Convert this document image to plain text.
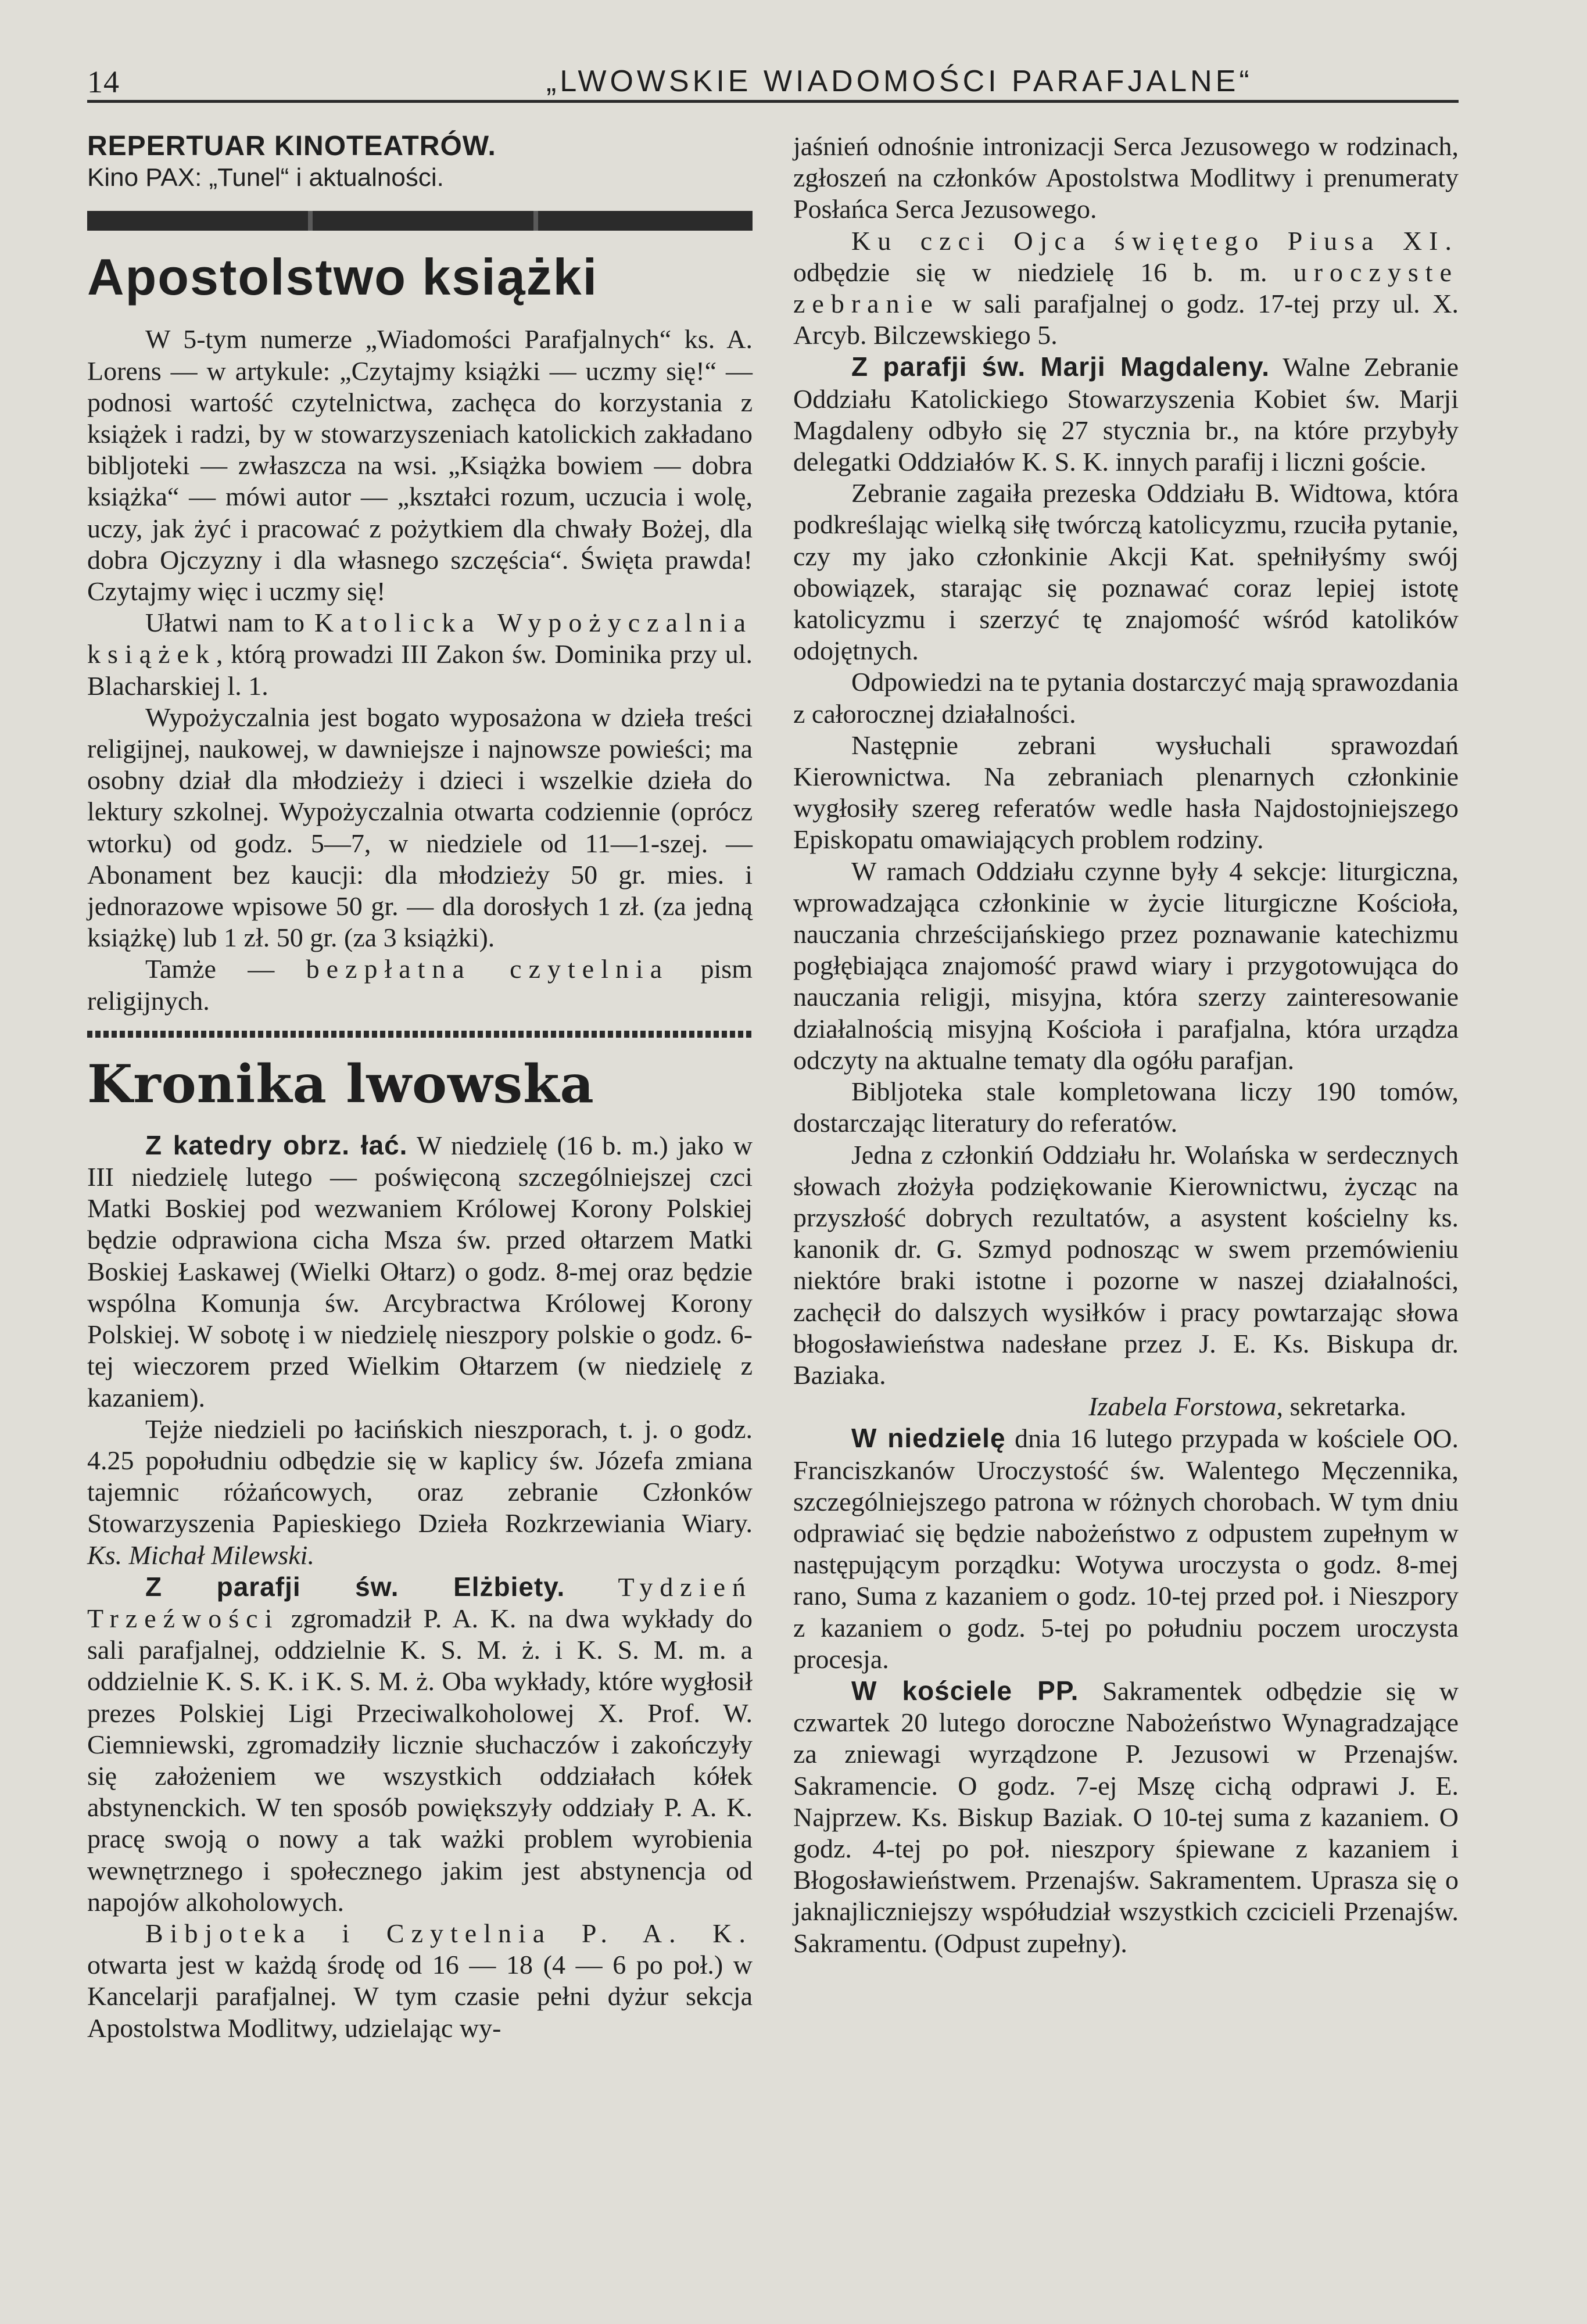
14	„LWOWSKIE WIADOMOŚCI PARAFJALNE“

REPERTUAR KINOTEATRÓW.

Kino PAX: „Tunel“ i aktualności.

Apostolstwo książki

W 5-tym numerze „Wiadomości Parafjalnych“ ks. A. Lorens — w artykule: „Czytajmy książki — uczmy się!“ — podnosi wartość czytelnictwa, zachęca do korzystania z książek i radzi, by w stowarzyszeniach katolickich zakładano bibljoteki — zwłaszcza na wsi. „Książka bowiem — dobra książka“ — mówi autor — „kształci rozum, uczucia i wolę, uczy, jak żyć i pracować z pożytkiem dla chwały Bożej, dla dobra Ojczyzny i dla własnego szczęścia“. Święta prawda! Czytajmy więc i uczmy się!

Ułatwi nam to Katolicka Wypożyczalnia książek, którą prowadzi III Zakon św. Dominika przy ul. Blacharskiej l. 1.

Wypożyczalnia jest bogato wyposażona w dzieła treści religijnej, naukowej, w dawniejsze i najnowsze powieści; ma osobny dział dla młodzieży i dzieci i wszelkie dzieła do lektury szkolnej. Wypożyczalnia otwarta codziennie (oprócz wtorku) od godz. 5—7, w niedziele od 11—1-szej. — Abonament bez kaucji: dla młodzieży 50 gr. mies. i jednorazowe wpisowe 50 gr. — dla dorosłych 1 zł. (za jedną książkę) lub 1 zł. 50 gr. (za 3 książki).

Tamże — bezpłatna czytelnia pism religijnych.

Kronika lwowska

Z katedry obrz. łać. W niedzielę (16 b. m.) jako w III niedzielę lutego — poświęconą szczególniejszej czci Matki Boskiej pod wezwaniem Królowej Korony Polskiej będzie odprawiona cicha Msza św. przed ołtarzem Matki Boskiej Łaskawej (Wielki Ołtarz) o godz. 8-mej oraz będzie wspólna Komunja św. Arcybractwa Królowej Korony Polskiej. W sobotę i w niedzielę nieszpory polskie o godz. 6-tej wieczorem przed Wielkim Ołtarzem (w niedzielę z kazaniem).

Tejże niedzieli po łacińskich nieszporach, t. j. o godz. 4.25 popołudniu odbędzie się w kaplicy św. Józefa zmiana tajemnic różańcowych, oraz zebranie Członków Stowarzyszenia Papieskiego Dzieła Rozkrzewiania Wiary. Ks. Michał Milewski.

Z parafji św. Elżbiety. Tydzień Trzeźwości zgromadził P. A. K. na dwa wykłady do sali parafjalnej, oddzielnie K. S. M. ż. i K. S. M. m. a oddzielnie K. S. K. i K. S. M. ż. Oba wykłady, które wygłosił prezes Polskiej Ligi Przeciwalkoholowej X. Prof. W. Ciemniewski, zgromadziły licznie słuchaczów i zakończyły się założeniem we wszystkich oddziałach kółek abstynenckich. W ten sposób powiększyły oddziały P. A. K. pracę swoją o nowy a tak ważki problem wyrobienia wewnętrznego i społecznego jakim jest abstynencja od napojów alkoholowych.

Bibjoteka i Czytelnia P. A. K. otwarta jest w każdą środę od 16 — 18 (4 — 6 po poł.) w Kancelarji parafjalnej. W tym czasie pełni dyżur sekcja Apostolstwa Modlitwy, udzielając wy-

jaśnień odnośnie intronizacji Serca Jezusowego w rodzinach, zgłoszeń na członków Apostolstwa Modlitwy i prenumeraty Posłańca Serca Jezusowego.

Ku czci Ojca świętego Piusa XI. odbędzie się w niedzielę 16 b. m. uroczyste zebranie w sali parafjalnej o godz. 17-tej przy ul. X. Arcyb. Bilczewskiego 5.

Z parafji św. Marji Magdaleny. Walne Zebranie Oddziału Katolickiego Stowarzyszenia Kobiet św. Marji Magdaleny odbyło się 27 stycznia br., na które przybyły delegatki Oddziałów K. S. K. innych parafij i liczni goście.

Zebranie zagaiła prezeska Oddziału B. Widtowa, która podkreślając wielką siłę twórczą katolicyzmu, rzuciła pytanie, czy my jako członkinie Akcji Kat. spełniłyśmy swój obowiązek, starając się poznawać coraz lepiej istotę katolicyzmu i szerzyć tę znajomość wśród katolików odojętnych.

Odpowiedzi na te pytania dostarczyć mają sprawozdania z całorocznej działalności.

Następnie zebrani wysłuchali sprawozdań Kierownictwa. Na zebraniach plenarnych członkinie wygłosiły szereg referatów wedle hasła Najdostojniejszego Episkopatu omawiających problem rodziny.

W ramach Oddziału czynne były 4 sekcje: liturgiczna, wprowadzająca członkinie w życie liturgiczne Kościoła, nauczania chrześcijańskiego przez poznawanie katechizmu pogłębiająca znajomość prawd wiary i przygotowująca do nauczania religji, misyjna, która szerzy zainteresowanie działalnością misyjną Kościoła i parafjalna, która urządza odczyty na aktualne tematy dla ogółu parafjan.

Bibljoteka stale kompletowana liczy 190 tomów, dostarczając literatury do referatów.

Jedna z członkiń Oddziału hr. Wolańska w serdecznych słowach złożyła podziękowanie Kierownictwu, życząc na przyszłość dobrych rezultatów, a asystent kościelny ks. kanonik dr. G. Szmyd podnosząc w swem przemówieniu niektóre braki istotne i pozorne w naszej działalności, zachęcił do dalszych wysiłków i pracy powtarzając słowa błogosławieństwa nadesłane przez J. E. Ks. Biskupa dr. Baziaka.

Izabela Forstowa, sekretarka.

W niedzielę dnia 16 lutego przypada w kościele OO. Franciszkanów Uroczystość św. Walentego Męczennika, szczególniejszego patrona w różnych chorobach. W tym dniu odprawiać się będzie nabożeństwo z odpustem zupełnym w następującym porządku: Wotywa uroczysta o godz. 8-mej rano, Suma z kazaniem o godz. 10-tej przed poł. i Nieszpory z kazaniem o godz. 5-tej po południu poczem uroczysta procesja.

W kościele PP. Sakramentek odbędzie się w czwartek 20 lutego doroczne Nabożeństwo Wynagradzające za zniewagi wyrządzone P. Jezusowi w Przenajśw. Sakramencie. O godz. 7-ej Mszę cichą odprawi J. E. Najprzew. Ks. Biskup Baziak. O 10-tej suma z kazaniem. O godz. 4-tej po poł. nieszpory śpiewane z kazaniem i Błogosławieństwem. Przenajśw. Sakramentem. Uprasza się o jaknajliczniejszy współudział wszystkich czcicieli Przenajśw. Sakramentu. (Odpust zupełny).
